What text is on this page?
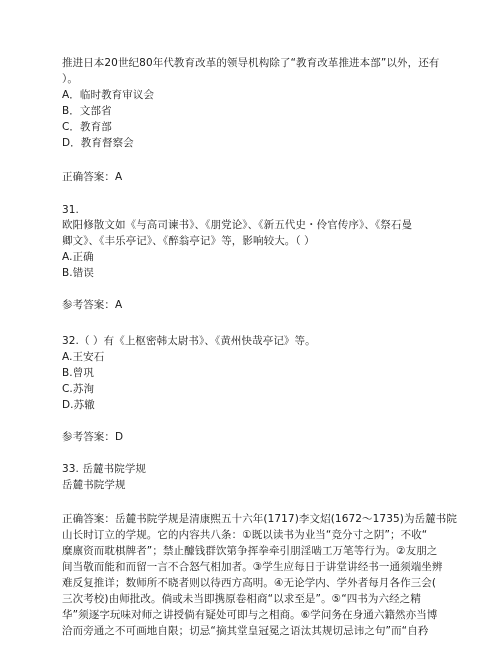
推进日本20世纪80年代教育改革的领导机构除了“教育改革推进本部”以外，还有
）。
A．临时教育审议会
B．文部省
C．教育部
D．教育督察会
正确答案：A
31.
欧阳修散文如《与高司谏书》、《朋党论》、《新五代史・伶官传序》、《祭石曼
卿文》、《丰乐亭记》、《醉翁亭记》等，影响较大。（ ）
A.正确
B.错误
参考答案：A
32.（ ）有《上枢密韩太尉书》、《黄州快哉亭记》等。
A.王安石
B.曾巩
C.苏洵
D.苏辙
参考答案：D
33. 岳麓书院学规
岳麓书院学规
正确答案：岳麓书院学规是清康熙五十六年(1717)李文炤(1672～1735)为岳麓书院
山长时订立的学规。它的内容共八条：①既以读书为业当“竞分寸之阴”；不收“
糜廪资而耽棋牌者”；禁止醵钱群饮第争挥拳牵引朋淫啮工万笔等行为。②友朋之
间当敬而能和而留一言不合怒气相加者。③学生应每日于讲堂讲经书一通须端坐辨
难反复推详；数师所不晓者则以待西方高明。④无论学内、学外者每月各作三会(
三次考校)由师批改。倘或未当即携原卷相商“以求至是”。⑤“四书为六经之精
华”须逐字玩味对师之讲授倘有疑处可即与之相商。⑥学问务在身通六籍然亦当博
洽而旁通之不可画地自限；切忌“摘其堂皇冠冕之语汰其规切忌讳之句”而“自矜
